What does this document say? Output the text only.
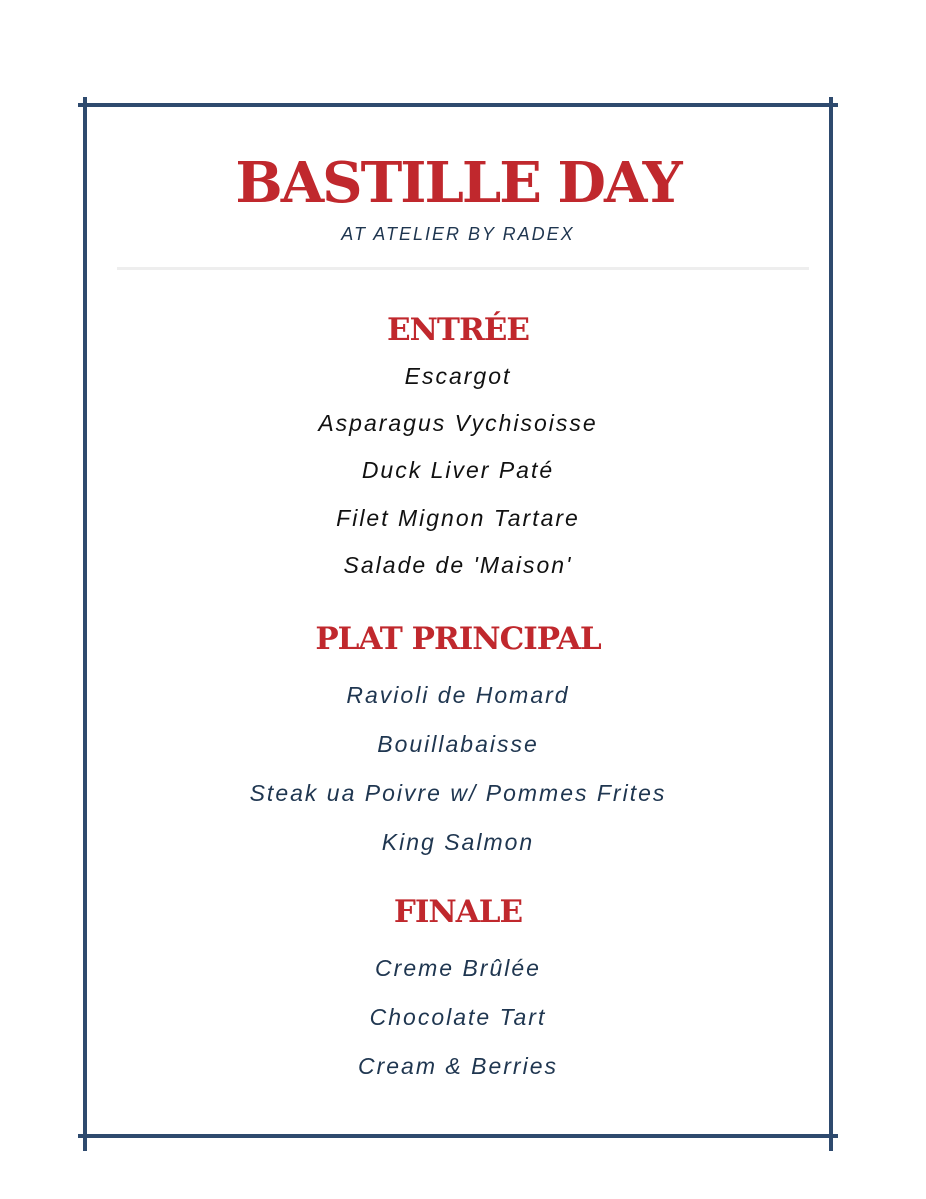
BASTILLE DAY
AT ATELIER BY RADEX
ENTRÉE
Escargot
Asparagus Vychisoisse
Duck Liver Paté
Filet Mignon Tartare
Salade de 'Maison'
PLAT PRINCIPAL
Ravioli de Homard
Bouillabaisse
Steak ua Poivre w/ Pommes Frites
King Salmon
FINALE
Creme Brûlée
Chocolate Tart
Cream & Berries
